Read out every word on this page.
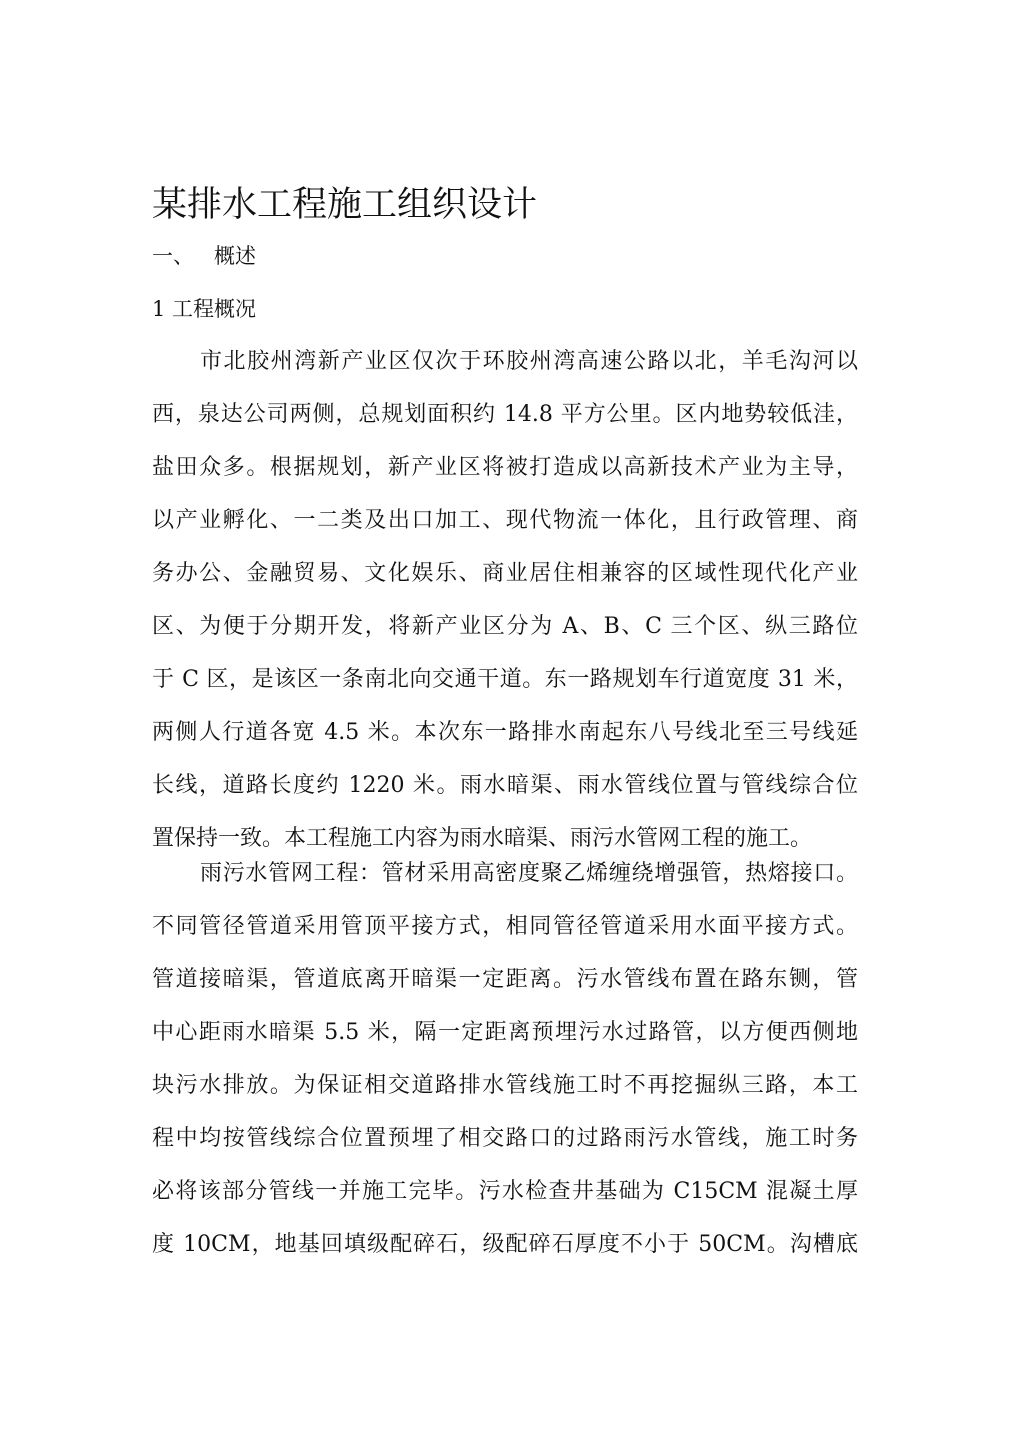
某排水工程施工组织设计
一、 概述
1 工程概况
市北胶州湾新产业区仅次于环胶州湾高速公路以北，羊毛沟河以
西，泉达公司两侧，总规划面积约 14.8 平方公里。区内地势较低洼，
盐田众多。根据规划，新产业区将被打造成以高新技术产业为主导，
以产业孵化、一二类及出口加工、现代物流一体化，且行政管理、商
务办公、金融贸易、文化娱乐、商业居住相兼容的区域性现代化产业
区、为便于分期开发，将新产业区分为 A、B、C 三个区、纵三路位
于 C 区，是该区一条南北向交通干道。东一路规划车行道宽度 31 米，
两侧人行道各宽 4.5 米。本次东一路排水南起东八号线北至三号线延
长线，道路长度约 1220 米。雨水暗渠、雨水管线位置与管线综合位
置保持一致。本工程施工内容为雨水暗渠、雨污水管网工程的施工。
雨污水管网工程：管材采用高密度聚乙烯缠绕增强管，热熔接口。
不同管径管道采用管顶平接方式，相同管径管道采用水面平接方式。
管道接暗渠，管道底离开暗渠一定距离。污水管线布置在路东铡，管
中心距雨水暗渠 5.5 米，隔一定距离预埋污水过路管，以方便西侧地
块污水排放。为保证相交道路排水管线施工时不再挖掘纵三路，本工
程中均按管线综合位置预埋了相交路口的过路雨污水管线，施工时务
必将该部分管线一并施工完毕。污水检查井基础为 C15CM 混凝土厚
度 10CM，地基回填级配碎石，级配碎石厚度不小于 50CM。沟槽底
